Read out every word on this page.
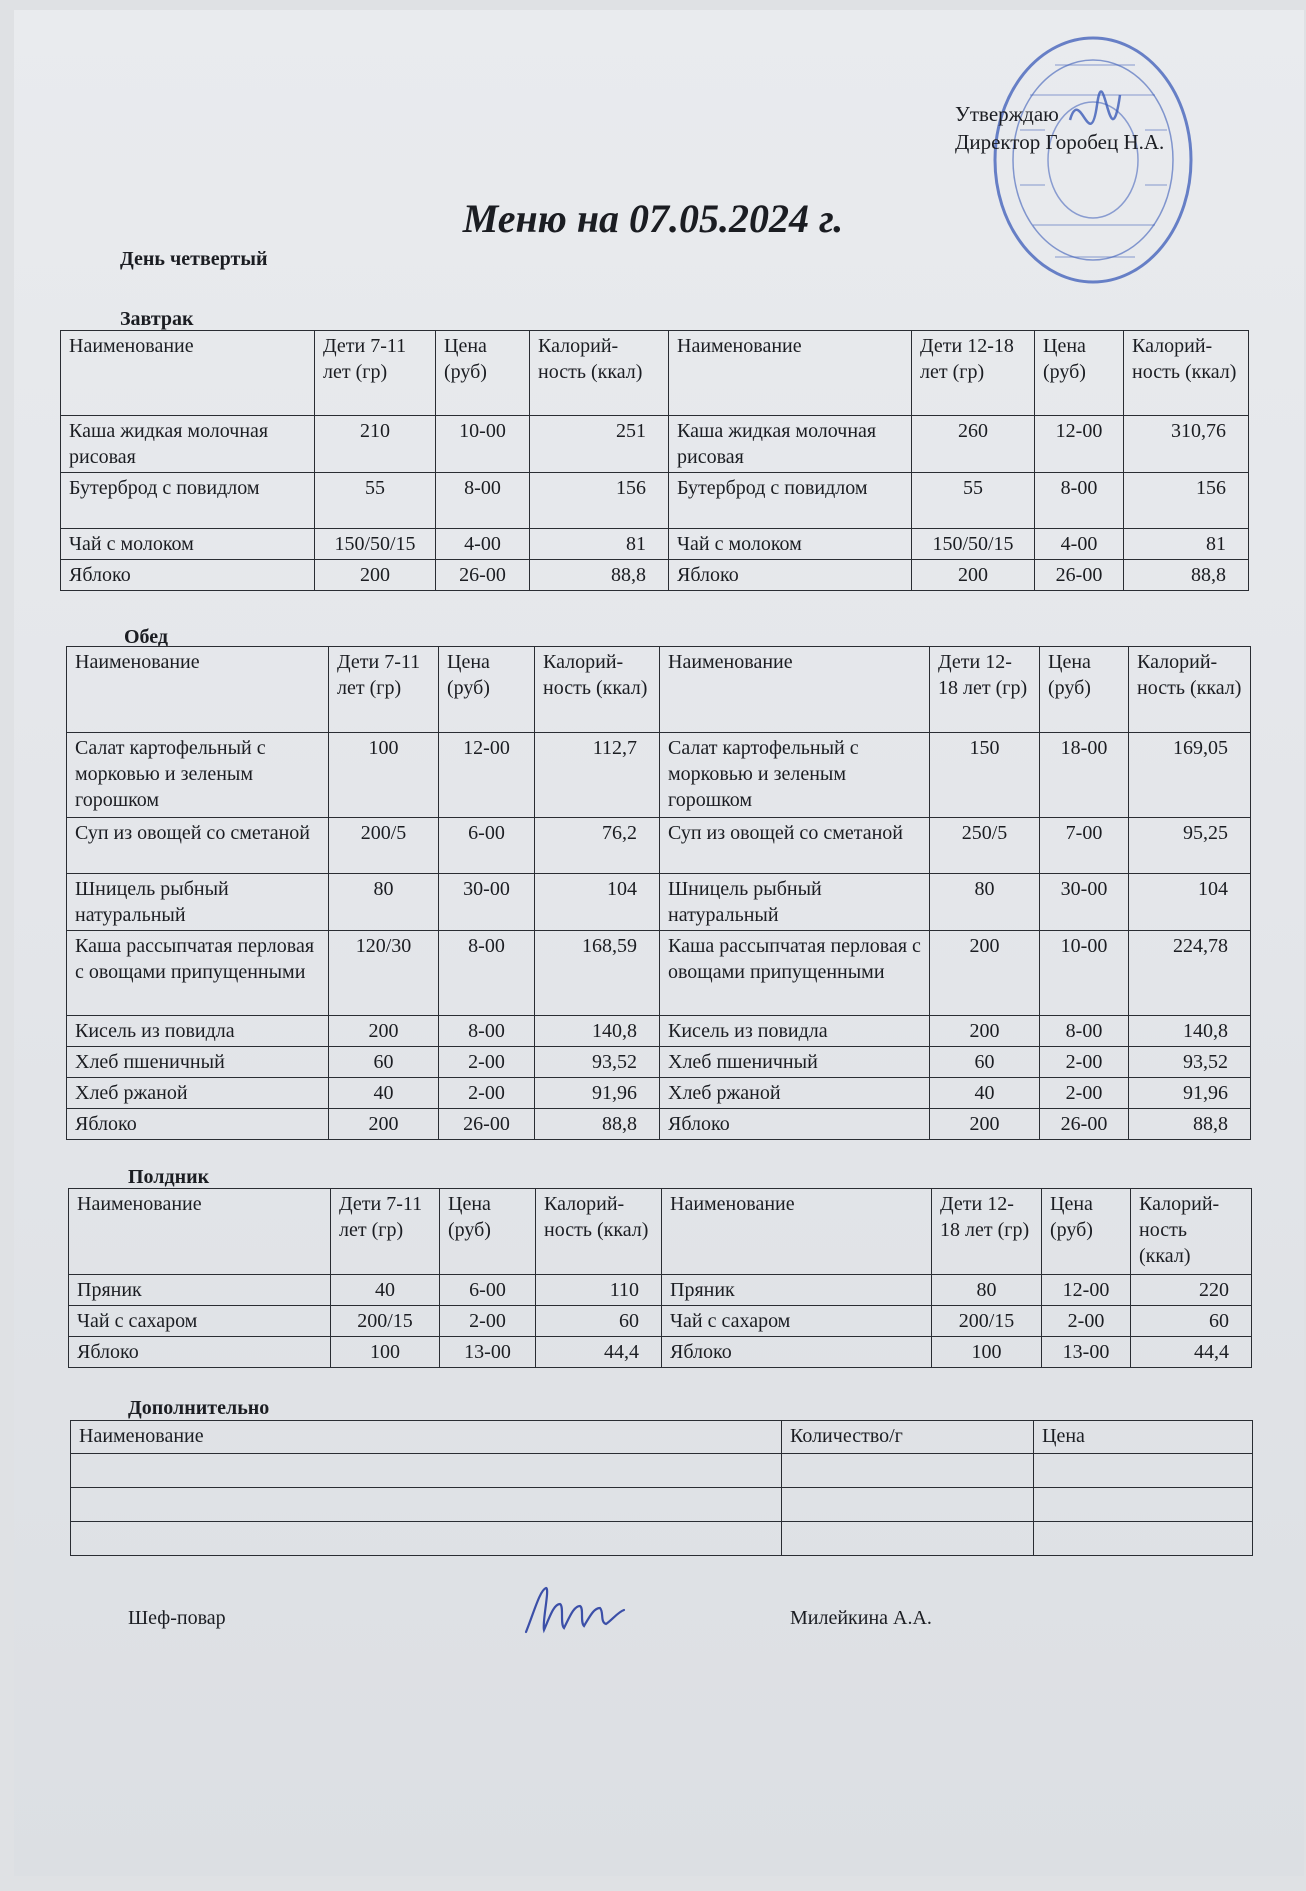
Утверждаю
Директор Горобец Н.А.
Меню на 07.05.2024 г.
День четвертый
Завтрак
Наименование	Дети 7-11 лет (гр)	Цена (руб)	Калорий-ность (ккал)	Наименование	Дети 12-18 лет (гр)	Цена (руб)	Калорий-ность (ккал)
Каша жидкая молочная рисовая	210	10-00	251	Каша жидкая молочная рисовая	260	12-00	310,76
Бутерброд с повидлом	55	8-00	156	Бутерброд с повидлом	55	8-00	156
Чай с молоком	150/50/15	4-00	81	Чай с молоком	150/50/15	4-00	81
Яблоко	200	26-00	88,8	Яблоко	200	26-00	88,8
Обед
Наименование	Дети 7-11 лет (гр)	Цена (руб)	Калорий-ность (ккал)	Наименование	Дети 12-18 лет (гр)	Цена (руб)	Калорий-ность (ккал)
Салат картофельный с морковью и зеленым горошком	100	12-00	112,7	Салат картофельный с морковью и зеленым горошком	150	18-00	169,05
Суп из овощей со сметаной	200/5	6-00	76,2	Суп из овощей со сметаной	250/5	7-00	95,25
Шницель рыбный натуральный	80	30-00	104	Шницель рыбный натуральный	80	30-00	104
Каша рассыпчатая перловая с овощами припущенными	120/30	8-00	168,59	Каша рассыпчатая перловая с овощами припущенными	200	10-00	224,78
Кисель из повидла	200	8-00	140,8	Кисель из повидла	200	8-00	140,8
Хлеб пшеничный	60	2-00	93,52	Хлеб пшеничный	60	2-00	93,52
Хлеб ржаной	40	2-00	91,96	Хлеб ржаной	40	2-00	91,96
Яблоко	200	26-00	88,8	Яблоко	200	26-00	88,8
Полдник
Наименование	Дети 7-11 лет (гр)	Цена (руб)	Калорий-ность (ккал)	Наименование	Дети 12-18 лет (гр)	Цена (руб)	Калорий-ность (ккал)
Пряник	40	6-00	110	Пряник	80	12-00	220
Чай с сахаром	200/15	2-00	60	Чай с сахаром	200/15	2-00	60
Яблоко	100	13-00	44,4	Яблоко	100	13-00	44,4
Дополнительно
Наименование	Количество/г	Цена

Шеф-повар	Милейкина А.А.
